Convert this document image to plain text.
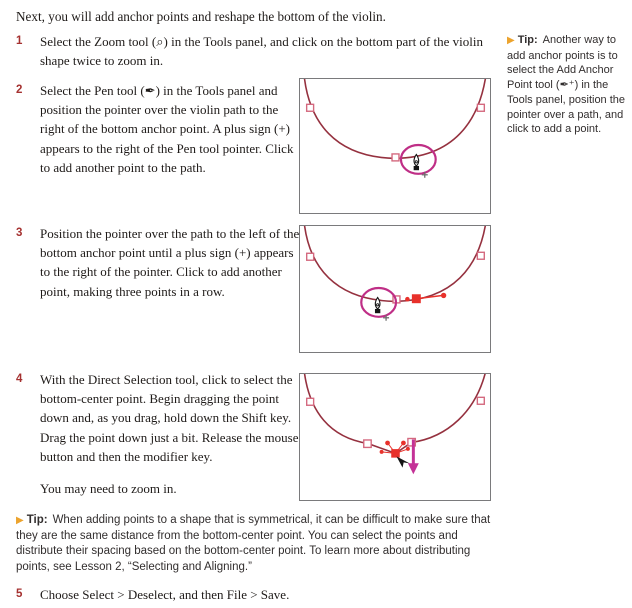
Next, you will add anchor points and reshape the bottom of the violin.

1	Select the Zoom tool (⌕) in the Tools panel, and click on the bottom part of the violin shape twice to zoom in.
2	Select the Pen tool (✒) in the Tools panel and position the pointer over the violin path to the right of the bottom anchor point. A plus sign (+) appears to the right of the Pen tool pointer. Click to add another point to the path.
3	Position the pointer over the path to the left of the bottom anchor point until a plus sign (+) appears to the right of the pointer. Click to add another point, making three points in a row.
4	With the Direct Selection tool, click to select the bottom-center point. Begin dragging the point down and, as you drag, hold down the Shift key. Drag the point down just a bit. Release the mouse button and then the modifier key.

You may need to zoom in.

▶ Tip: Another way to add anchor points is to select the Add Anchor Point tool (✒⁺) in the Tools panel, position the pointer over a path, and click to add a point.
▶ Tip: When adding points to a shape that is symmetrical, it can be difficult to make sure that they are the same distance from the bottom-center point. You can select the points and distribute their spacing based on the bottom-center point. To learn more about distributing points, see Lesson 2, “Selecting and Aligning.”
5	Choose Select > Deselect, and then File > Save.
